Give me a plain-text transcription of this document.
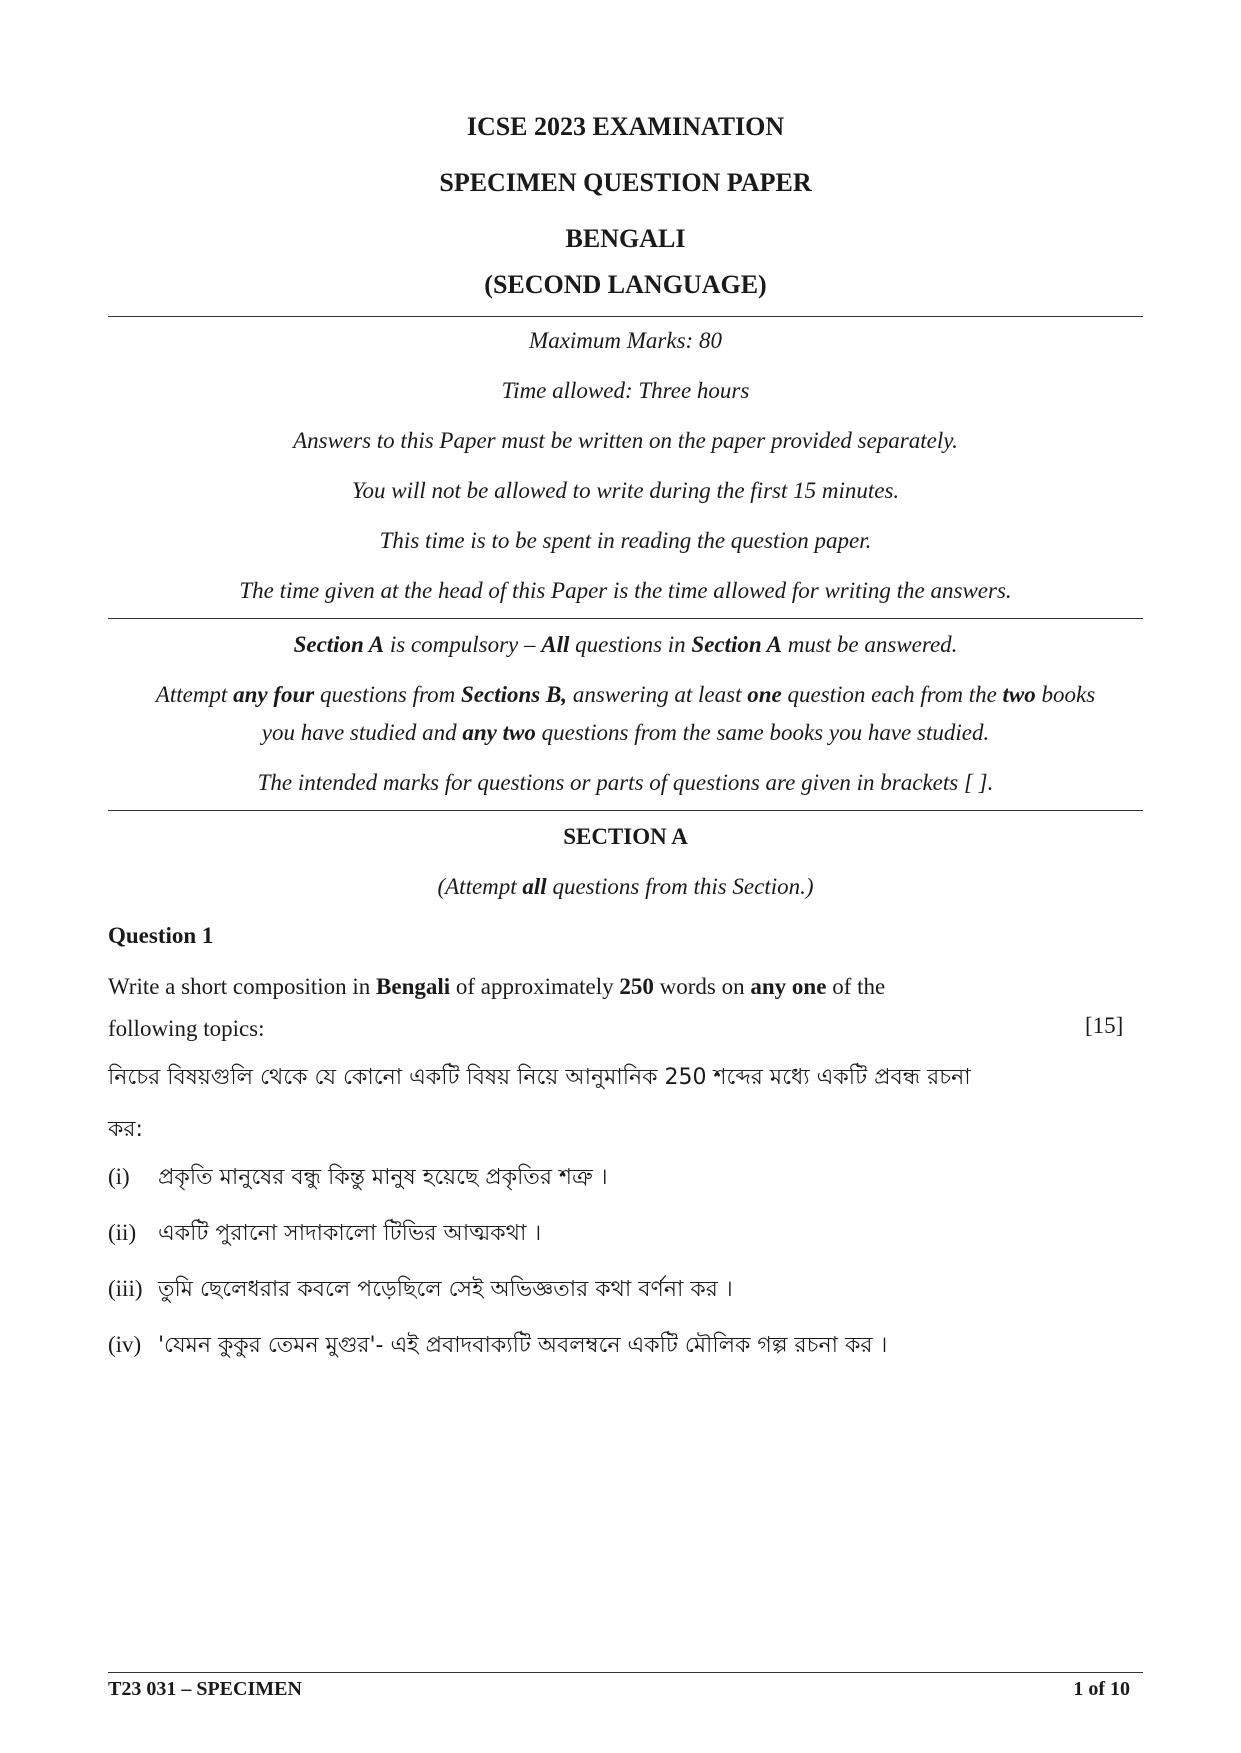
ICSE 2023 EXAMINATION
SPECIMEN QUESTION PAPER
BENGALI
(SECOND LANGUAGE)
Maximum Marks: 80
Time allowed: Three hours
Answers to this Paper must be written on the paper provided separately.
You will not be allowed to write during the first 15 minutes.
This time is to be spent in reading the question paper.
The time given at the head of this Paper is the time allowed for writing the answers.
Section A is compulsory – All questions in Section A must be answered.
Attempt any four questions from Sections B, answering at least one question each from the two books
you have studied and any two questions from the same books you have studied.
The intended marks for questions or parts of questions are given in brackets [ ].
SECTION A
(Attempt all questions from this Section.)
Question 1
Write a short composition in Bengali of approximately 250 words on any one of the
following topics:	[15]
নিচের বিষয়গুলি থেকে যে কোনো একটি বিষয় নিয়ে আনুমানিক 250 শব্দের মধ্যে একটি প্রবন্ধ রচনা
কর:
(i) প্রকৃতি মানুষের বন্ধু কিন্তু মানুষ হয়েছে প্রকৃতির শত্রু ।
(ii) একটি পুরানো সাদাকালো টিভির আত্মকথা ।
(iii) তুমি ছেলেধরার কবলে পড়েছিলে সেই অভিজ্ঞতার কথা বর্ণনা কর ।
(iv) 'যেমন কুকুর তেমন মুগুর'- এই প্রবাদবাক্যটি অবলম্বনে একটি মৌলিক গল্প রচনা কর ।
T23 031 – SPECIMEN	1 of 10
